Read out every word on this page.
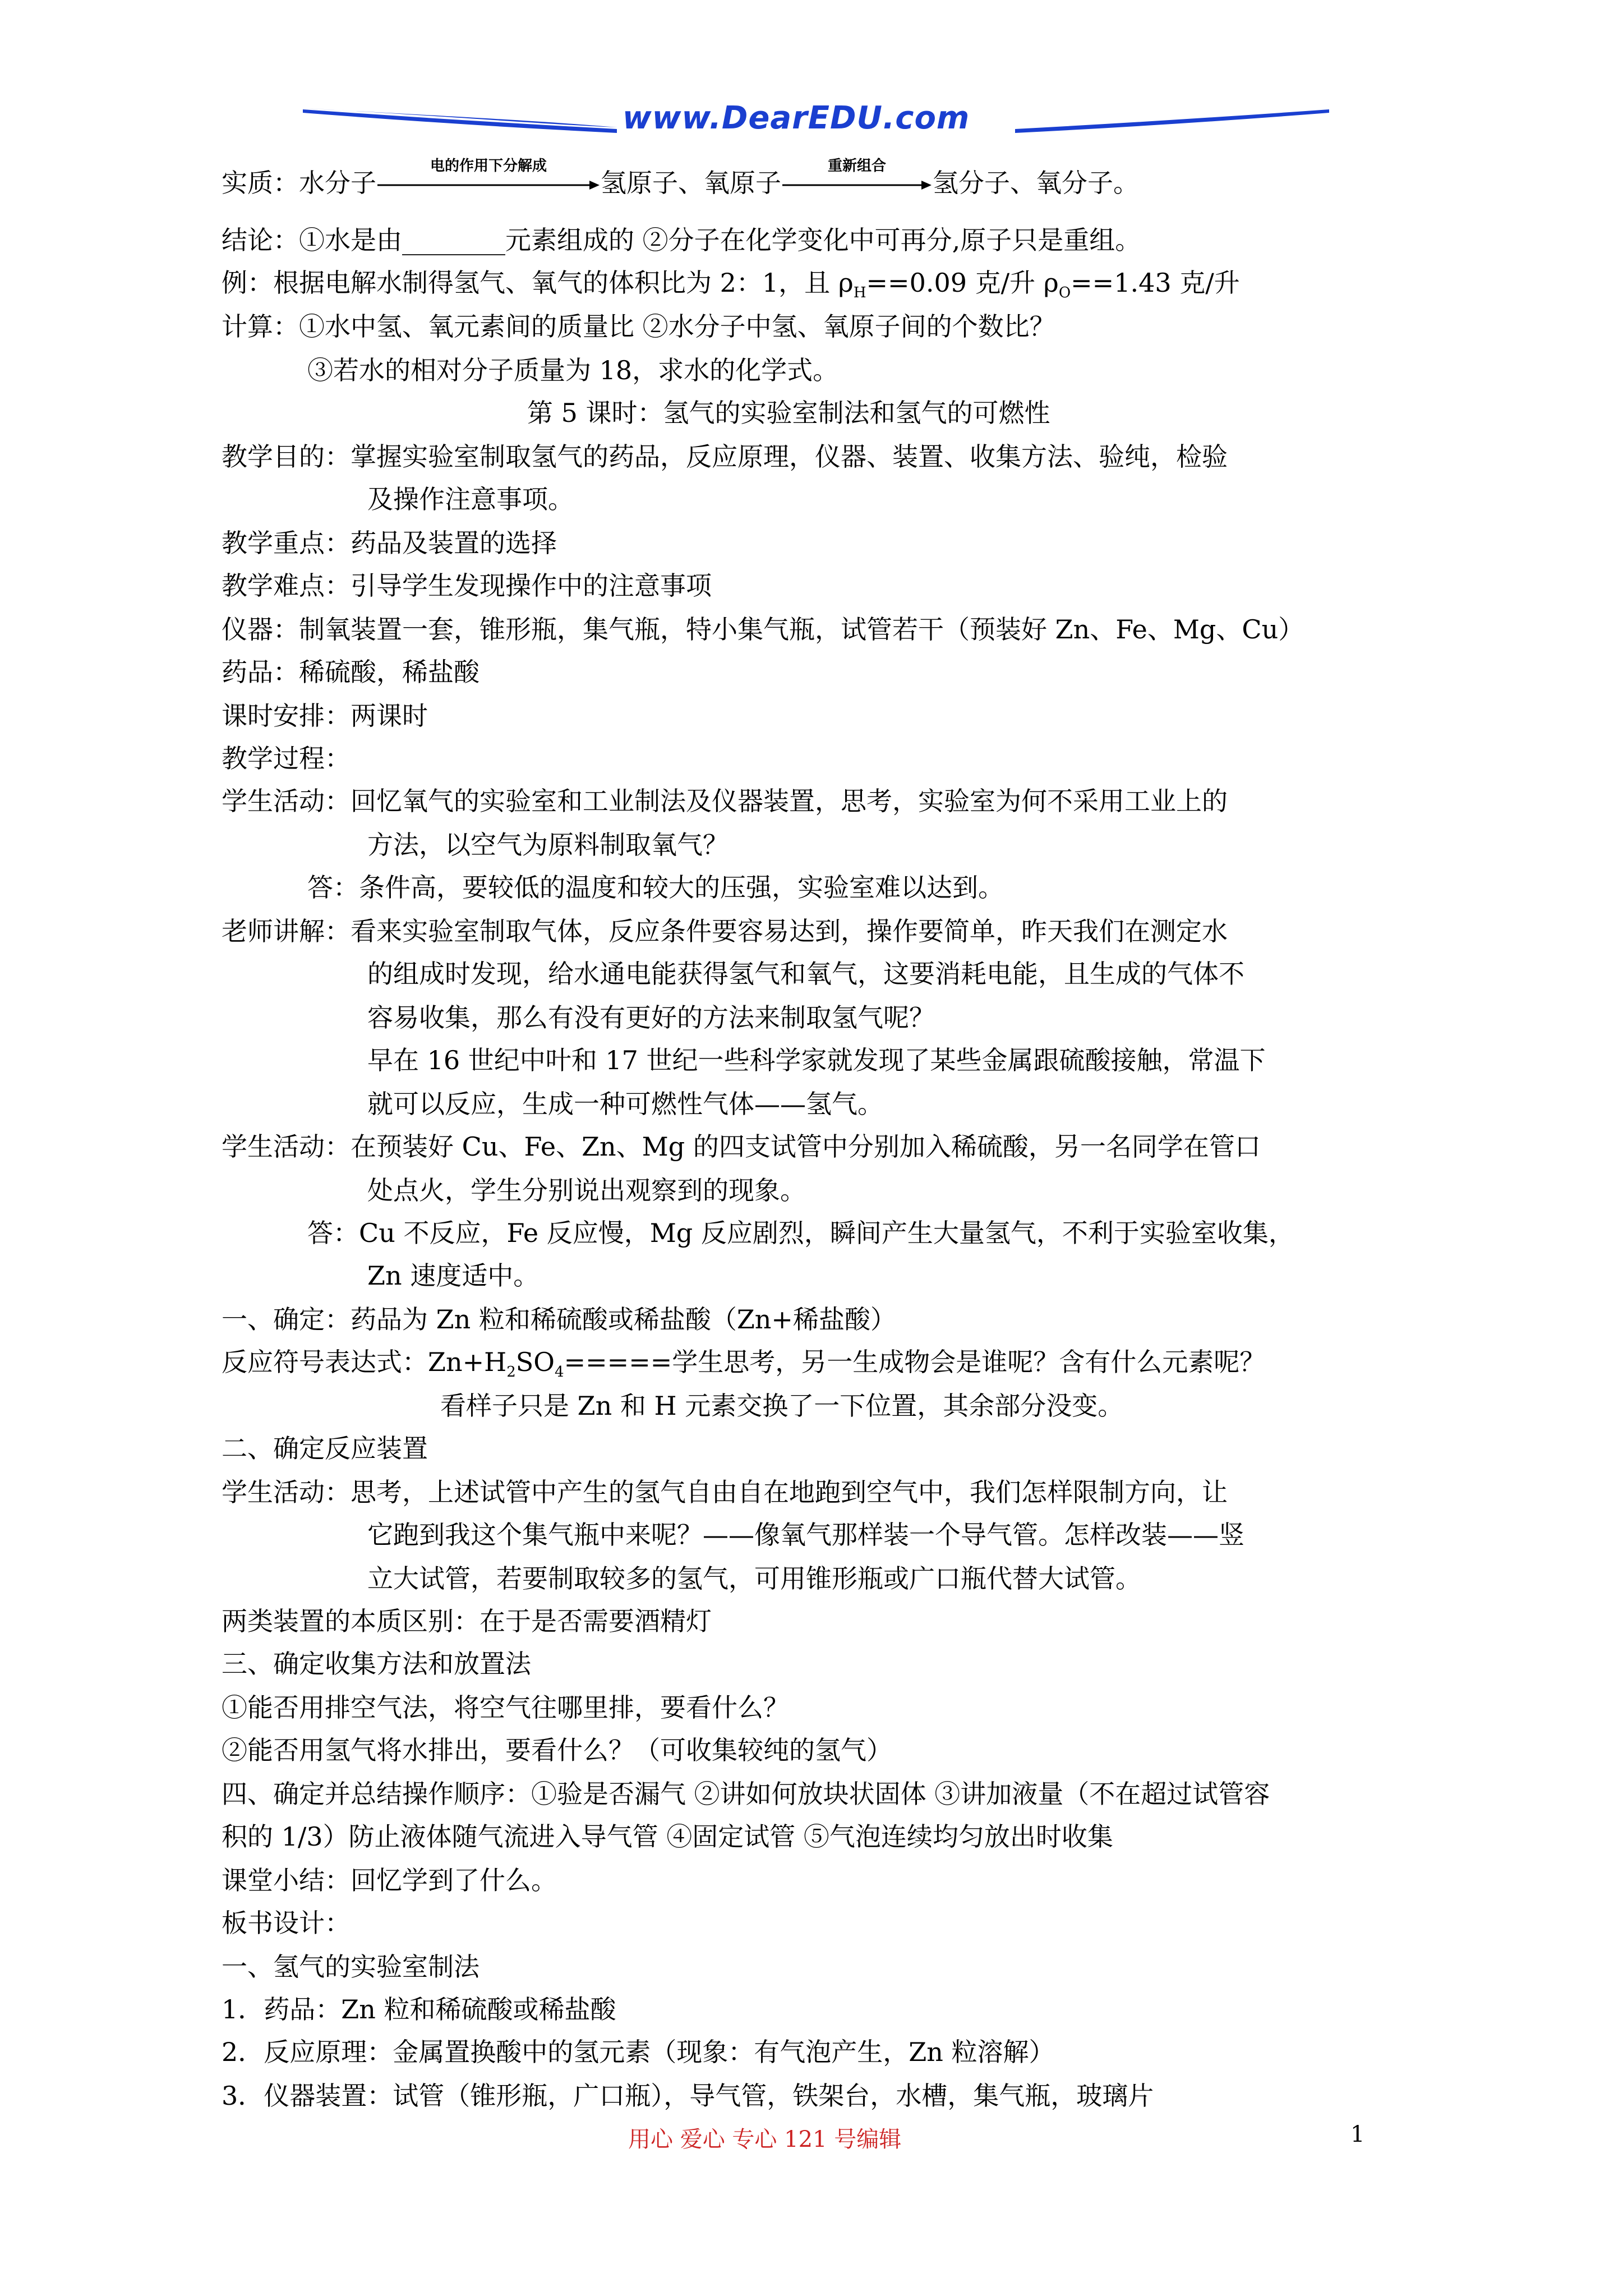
www.DearEDU.com
实质：水分子
电的作用下分解成
氢原子、氧原子
重新组合
氢分子、氧分子。
结论：①水是由________元素组成的 ②分子在化学变化中可再分,原子只是重组。
例：根据电解水制得氢气、氧气的体积比为 2：1，且 $\rho_H==0.09$ 克/升 $\rho_O==1.43$ 克/升
计算：①水中氢、氧元素间的质量比 ②水分子中氢、氧原子间的个数比？
③若水的相对分子质量为 18，求水的化学式。
第 5 课时：氢气的实验室制法和氢气的可燃性
教学目的：掌握实验室制取氢气的药品，反应原理，仪器、装置、收集方法、验纯，检验
及操作注意事项。
教学重点：药品及装置的选择
教学难点：引导学生发现操作中的注意事项
仪器：制氧装置一套，锥形瓶，集气瓶，特小集气瓶，试管若干（预装好 Zn、Fe、Mg、Cu）
药品：稀硫酸，稀盐酸
课时安排：两课时
教学过程：
学生活动：回忆氧气的实验室和工业制法及仪器装置，思考，实验室为何不采用工业上的
方法，以空气为原料制取氧气？
答：条件高，要较低的温度和较大的压强，实验室难以达到。
老师讲解：看来实验室制取气体，反应条件要容易达到，操作要简单，昨天我们在测定水
的组成时发现，给水通电能获得氢气和氧气，这要消耗电能，且生成的气体不
容易收集，那么有没有更好的方法来制取氢气呢？
早在 16 世纪中叶和 17 世纪一些科学家就发现了某些金属跟硫酸接触，常温下
就可以反应，生成一种可燃性气体——氢气。
学生活动：在预装好 Cu、Fe、Zn、Mg 的四支试管中分别加入稀硫酸，另一名同学在管口
处点火，学生分别说出观察到的现象。
答：Cu 不反应，Fe 反应慢，Mg 反应剧烈，瞬间产生大量氢气，不利于实验室收集，
Zn 速度适中。
一、确定：药品为 Zn 粒和稀硫酸或稀盐酸（Zn+稀盐酸）
反应符号表达式：$Zn+H_2SO_4=====$学生思考，另一生成物会是谁呢？含有什么元素呢？
看样子只是 Zn 和 H 元素交换了一下位置，其余部分没变。
二、确定反应装置
学生活动：思考，上述试管中产生的氢气自由自在地跑到空气中，我们怎样限制方向，让
它跑到我这个集气瓶中来呢？——像氧气那样装一个导气管。怎样改装——竖
立大试管，若要制取较多的氢气，可用锥形瓶或广口瓶代替大试管。
两类装置的本质区别：在于是否需要酒精灯
三、确定收集方法和放置法
①能否用排空气法，将空气往哪里排，要看什么？
②能否用氢气将水排出，要看什么？（可收集较纯的氢气）
四、确定并总结操作顺序：①验是否漏气 ②讲如何放块状固体 ③讲加液量（不在超过试管容
积的 1/3）防止液体随气流进入导气管 ④固定试管 ⑤气泡连续均匀放出时收集
课堂小结：回忆学到了什么。
板书设计：
一、氢气的实验室制法
1．药品：Zn 粒和稀硫酸或稀盐酸
2．反应原理：金属置换酸中的氢元素（现象：有气泡产生，Zn 粒溶解）
3．仪器装置：试管（锥形瓶，广口瓶），导气管，铁架台，水槽，集气瓶，玻璃片
用心 爱心 专心 121 号编辑	1
